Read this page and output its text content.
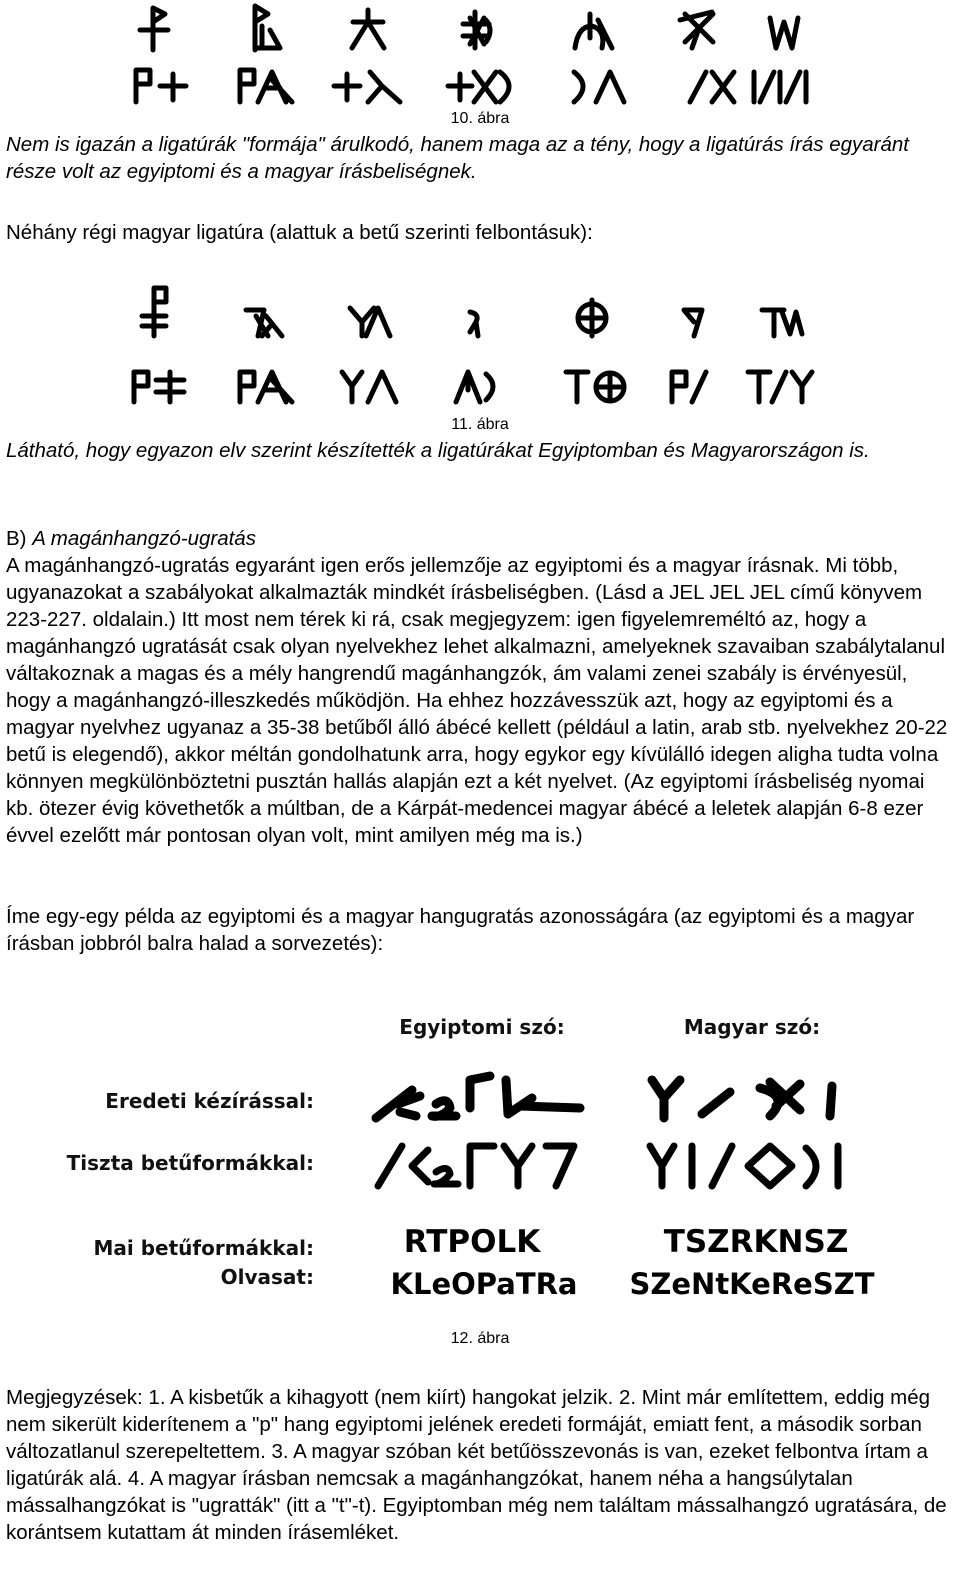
10. ábra

Nem is igazán a ligatúrák "formája" árulkodó, hanem maga az a tény, hogy a ligatúrás írás egyaránt része volt az egyiptomi és a magyar írásbeliségnek.

Néhány régi magyar ligatúra (alattuk a betű szerinti felbontásuk):

11. ábra

Látható, hogy egyazon elv szerint készítették a ligatúrákat Egyiptomban és Magyarországon is.

B) A magánhangzó-ugratás

A magánhangzó-ugratás egyaránt igen erős jellemzője az egyiptomi és a magyar írásnak. Mi több, ugyanazokat a szabályokat alkalmazták mindkét írásbeliségben. (Lásd a JEL JEL JEL című könyvem 223-227. oldalain.) Itt most nem térek ki rá, csak megjegyzem: igen figyelemreméltó az, hogy a magánhangzó ugratását csak olyan nyelvekhez lehet alkalmazni, amelyeknek szavaiban szabálytalanul váltakoznak a magas és a mély hangrendű magánhangzók, ám valami zenei szabály is érvényesül, hogy a magánhangzó-illeszkedés működjön. Ha ehhez hozzávesszük azt, hogy az egyiptomi és a magyar nyelvhez ugyanaz a 35-38 betűből álló ábécé kellett (például a latin, arab stb. nyelvekhez 20-22 betű is elegendő), akkor méltán gondolhatunk arra, hogy egykor egy kívülálló idegen aligha tudta volna könnyen megkülönböztetni pusztán hallás alapján ezt a két nyelvet. (Az egyiptomi írásbeliség nyomai kb. ötezer évig követhetők a múltban, de a Kárpát-medencei magyar ábécé a leletek alapján 6-8 ezer évvel ezelőtt már pontosan olyan volt, mint amilyen még ma is.)

Íme egy-egy példa az egyiptomi és a magyar hangugratás azonosságára (az egyiptomi és a magyar írásban jobbról balra halad a sorvezetés):

Egyiptomi szó:	Magyar szó:
Eredeti kézírással:
Tiszta betűformákkal:
Mai betűformákkal:
Olvasat:
RTPOLK
KLeOPaTRa
TSZRKNSZ
SZeNtKeReSZT
12. ábra

Megjegyzések: 1. A kisbetűk a kihagyott (nem kiírt) hangokat jelzik. 2. Mint már említettem, eddig még nem sikerült kiderítenem a "p" hang egyiptomi jelének eredeti formáját, emiatt fent, a második sorban változatlanul szerepeltettem. 3. A magyar szóban két betűösszevonás is van, ezeket felbontva írtam a ligatúrák alá. 4. A magyar írásban nemcsak a magánhangzókat, hanem néha a hangsúlytalan mássalhangzókat is "ugratták" (itt a "t"-t). Egyiptomban még nem találtam mássalhangzó ugratására, de korántsem kutattam át minden írásemléket.
